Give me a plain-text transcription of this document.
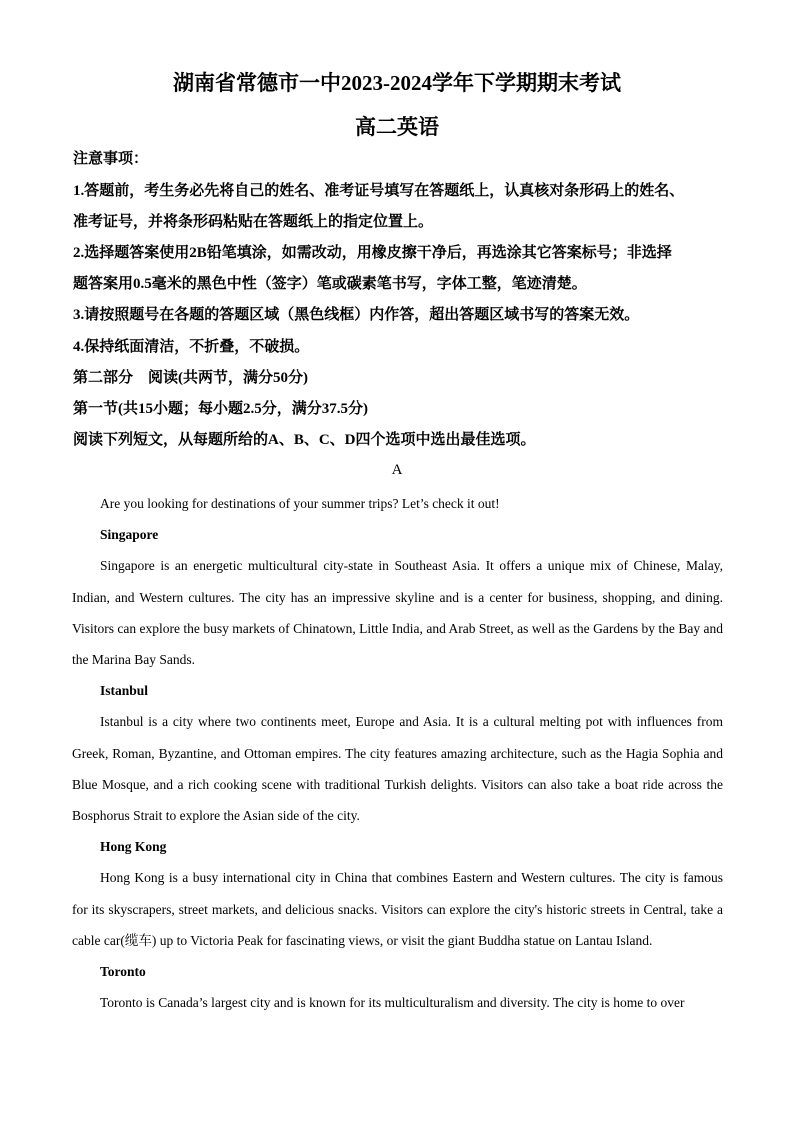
湖南省常德市一中2023-2024学年下学期期末考试
高二英语
注意事项：
1.答题前，考生务必先将自己的姓名、准考证号填写在答题纸上，认真核对条形码上的姓名、
准考证号，并将条形码粘贴在答题纸上的指定位置上。
2.选择题答案使用2B铅笔填涂，如需改动，用橡皮擦干净后，再选涂其它答案标号；非选择
题答案用0.5毫米的黑色中性（签字）笔或碳素笔书写，字体工整，笔迹清楚。
3.请按照题号在各题的答题区域（黑色线框）内作答，超出答题区域书写的答案无效。
4.保持纸面清洁，不折叠，不破损。
第二部分　阅读(共两节，满分50分)
第一节(共15小题；每小题2.5分，满分37.5分)
阅读下列短文，从每题所给的A、B、C、D四个选项中选出最佳选项。
A

Are you looking for destinations of your summer trips? Let’s check it out!

Singapore

Singapore is an energetic multicultural city-state in Southeast Asia. It offers a unique mix of Chinese, Malay, Indian, and Western cultures. The city has an impressive skyline and is a center for business, shopping, and dining. Visitors can explore the busy markets of Chinatown, Little India, and Arab Street, as well as the Gardens by the Bay and the Marina Bay Sands.

Istanbul

Istanbul is a city where two continents meet, Europe and Asia. It is a cultural melting pot with influences from Greek, Roman, Byzantine, and Ottoman empires. The city features amazing architecture, such as the Hagia Sophia and Blue Mosque, and a rich cooking scene with traditional Turkish delights. Visitors can also take a boat ride across the Bosphorus Strait to explore the Asian side of the city.

Hong Kong

Hong Kong is a busy international city in China that combines Eastern and Western cultures. The city is famous for its skyscrapers, street markets, and delicious snacks. Visitors can explore the city's historic streets in Central, take a cable car(缆车) up to Victoria Peak for fascinating views, or visit the giant Buddha statue on Lantau Island.

Toronto

Toronto is Canada’s largest city and is known for its multiculturalism and diversity. The city is home to over
